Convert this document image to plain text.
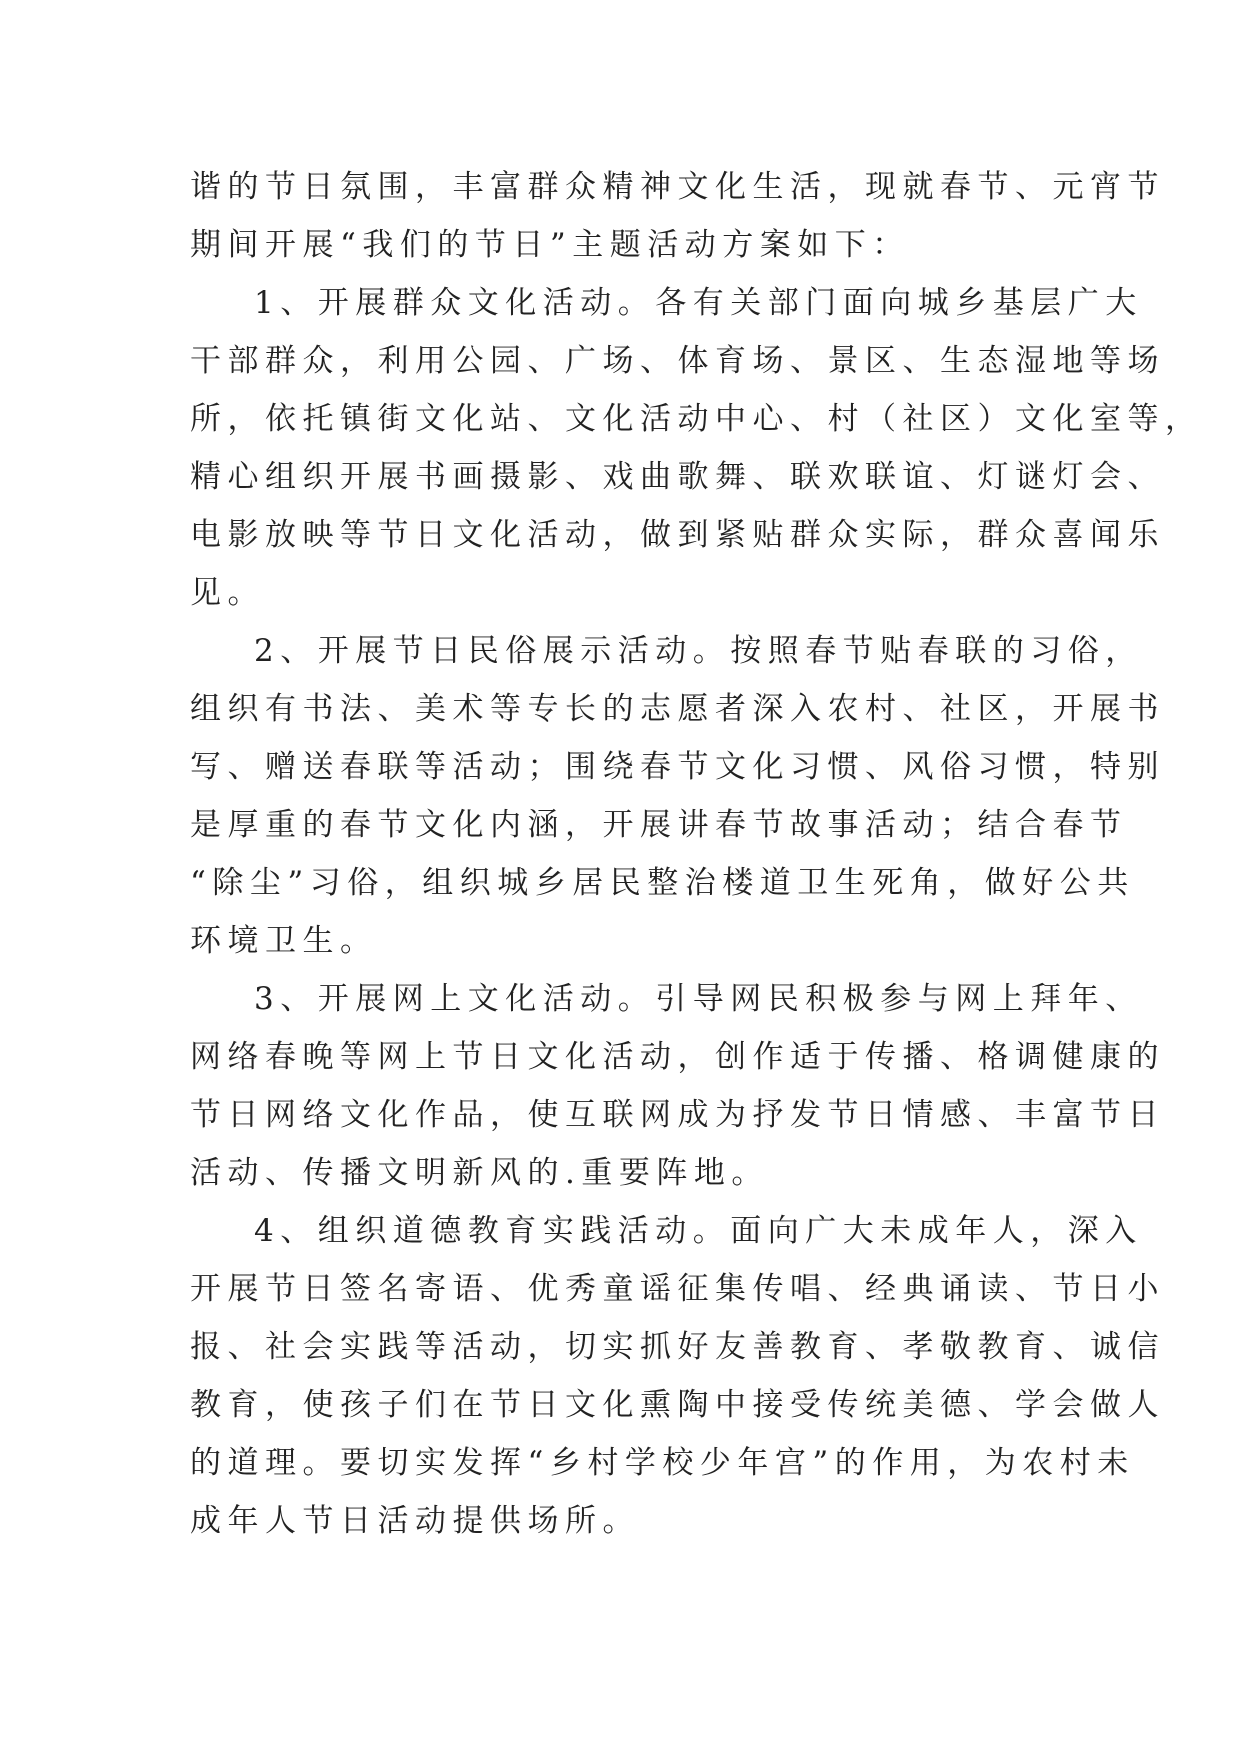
谐的节日氛围，丰富群众精神文化生活，现就春节、元宵节
期间开展“我们的节日”主题活动方案如下：
1、开展群众文化活动。各有关部门面向城乡基层广大
干部群众，利用公园、广场、体育场、景区、生态湿地等场
所，依托镇街文化站、文化活动中心、村（社区）文化室等，
精心组织开展书画摄影、戏曲歌舞、联欢联谊、灯谜灯会、
电影放映等节日文化活动，做到紧贴群众实际，群众喜闻乐
见。
2、开展节日民俗展示活动。按照春节贴春联的习俗，
组织有书法、美术等专长的志愿者深入农村、社区，开展书
写、赠送春联等活动；围绕春节文化习惯、风俗习惯，特别
是厚重的春节文化内涵，开展讲春节故事活动；结合春节
“除尘”习俗，组织城乡居民整治楼道卫生死角，做好公共
环境卫生。
3、开展网上文化活动。引导网民积极参与网上拜年、
网络春晚等网上节日文化活动，创作适于传播、格调健康的
节日网络文化作品，使互联网成为抒发节日情感、丰富节日
活动、传播文明新风的.重要阵地。
4、组织道德教育实践活动。面向广大未成年人，深入
开展节日签名寄语、优秀童谣征集传唱、经典诵读、节日小
报、社会实践等活动，切实抓好友善教育、孝敬教育、诚信
教育，使孩子们在节日文化熏陶中接受传统美德、学会做人
的道理。要切实发挥“乡村学校少年宫”的作用，为农村未
成年人节日活动提供场所。
